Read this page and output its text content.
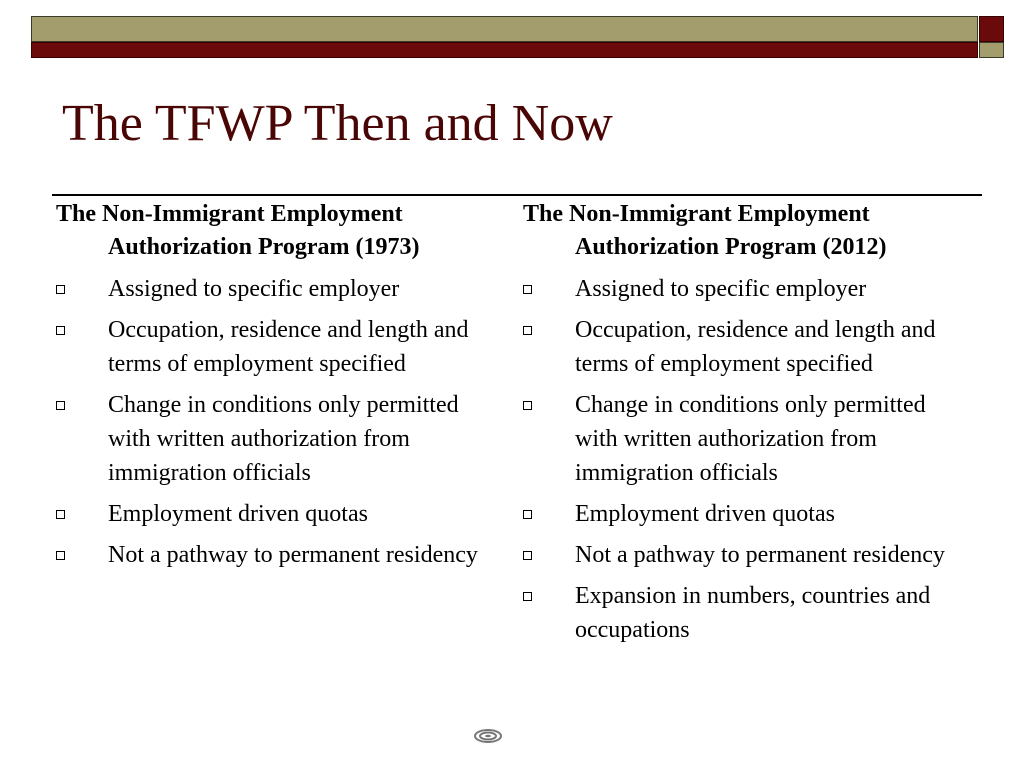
The TFWP Then and Now
The Non-Immigrant Employment Authorization Program (1973)
Assigned to specific employer
Occupation, residence and length and terms of employment specified
Change in conditions only permitted with written authorization from immigration officials
Employment driven quotas
Not a pathway to permanent residency
The Non-Immigrant Employment Authorization Program (2012)
Assigned to specific employer
Occupation, residence and length and terms of employment specified
Change in conditions only permitted with written authorization from immigration officials
Employment driven quotas
Not a pathway to permanent residency
Expansion in numbers, countries and occupations
